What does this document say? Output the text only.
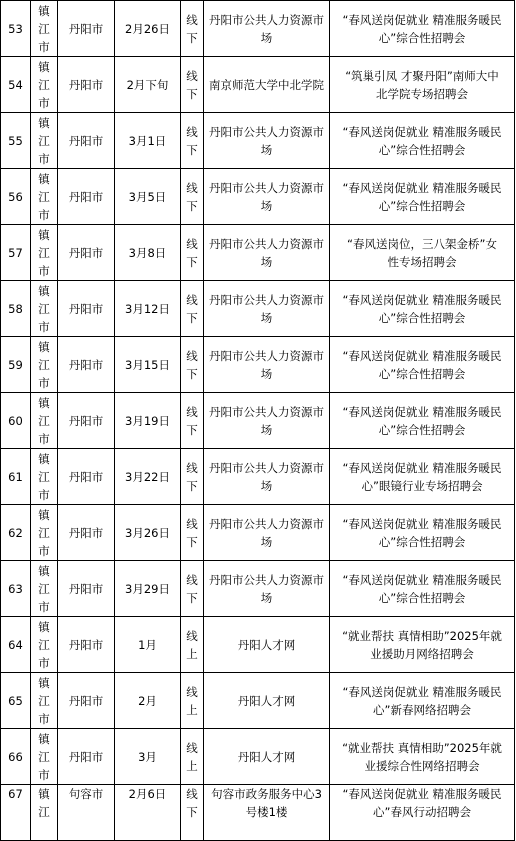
53	镇江市	丹阳市	2月26日	线下	丹阳市公共人力资源市场	“春风送岗促就业 精准服务暖民心”综合性招聘会
54	镇江市	丹阳市	2月下旬	线下	南京师范大学中北学院	“筑巢引凤 才聚丹阳”南师大中北学院专场招聘会
55	镇江市	丹阳市	3月1日	线下	丹阳市公共人力资源市场	“春风送岗促就业 精准服务暖民心”综合性招聘会
56	镇江市	丹阳市	3月5日	线下	丹阳市公共人力资源市场	“春风送岗促就业 精准服务暖民心”综合性招聘会
57	镇江市	丹阳市	3月8日	线下	丹阳市公共人力资源市场	“春风送岗位，三八架金桥”女性专场招聘会
58	镇江市	丹阳市	3月12日	线下	丹阳市公共人力资源市场	“春风送岗促就业 精准服务暖民心”综合性招聘会
59	镇江市	丹阳市	3月15日	线下	丹阳市公共人力资源市场	“春风送岗促就业 精准服务暖民心”综合性招聘会
60	镇江市	丹阳市	3月19日	线下	丹阳市公共人力资源市场	“春风送岗促就业 精准服务暖民心”综合性招聘会
61	镇江市	丹阳市	3月22日	线下	丹阳市公共人力资源市场	“春风送岗促就业 精准服务暖民心”眼镜行业专场招聘会
62	镇江市	丹阳市	3月26日	线下	丹阳市公共人力资源市场	“春风送岗促就业 精准服务暖民心”综合性招聘会
63	镇江市	丹阳市	3月29日	线下	丹阳市公共人力资源市场	“春风送岗促就业 精准服务暖民心”综合性招聘会
64	镇江市	丹阳市	1月	线上	丹阳人才网	“就业帮扶 真情相助”2025年就业援助月网络招聘会
65	镇江市	丹阳市	2月	线上	丹阳人才网	“春风送岗促就业 精准服务暖民心”新春网络招聘会
66	镇江市	丹阳市	3月	线上	丹阳人才网	“就业帮扶 真情相助”2025年就业援综合性网络招聘会
67	镇江	句容市	2月6日	线下	句容市政务服务中心3号楼1楼	“春风送岗促就业 精准服务暖民心”春风行动招聘会
